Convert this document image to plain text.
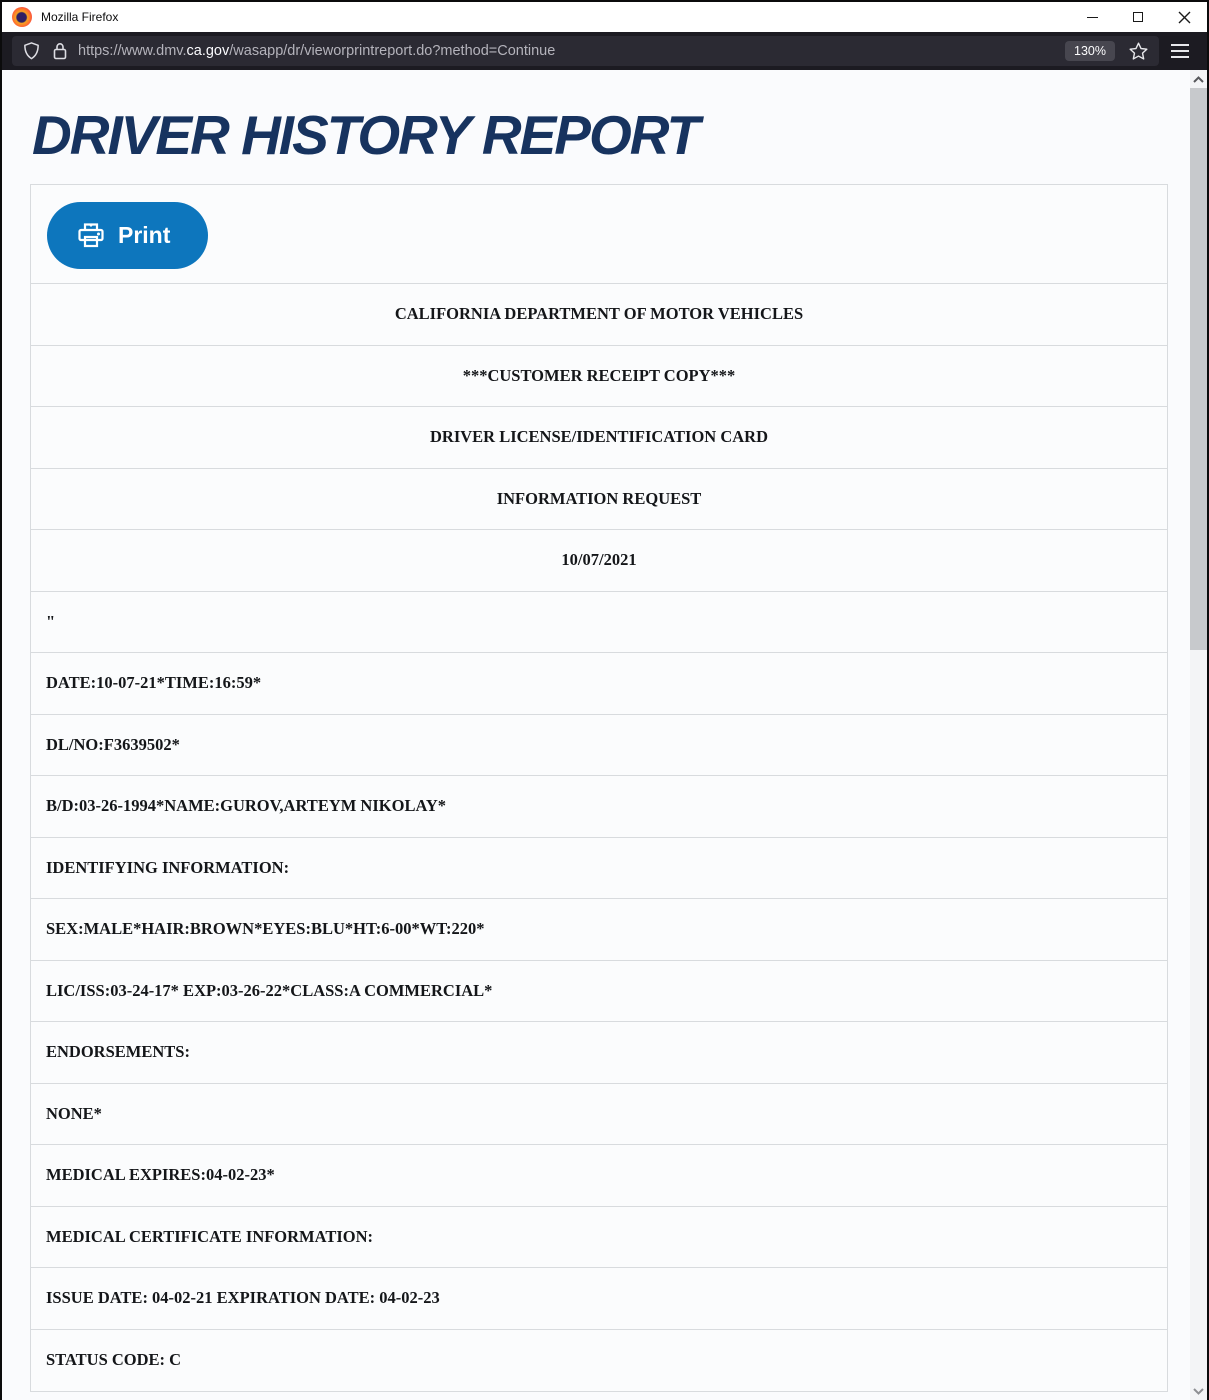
Mozilla Firefox
https://www.dmv.ca.gov/wasapp/dr/vieworprintreport.do?method=Continue	130%
DRIVER HISTORY REPORT
Print
CALIFORNIA DEPARTMENT OF MOTOR VEHICLES
***CUSTOMER RECEIPT COPY***
DRIVER LICENSE/IDENTIFICATION CARD
INFORMATION REQUEST
10/07/2021
"
DATE:10-07-21*TIME:16:59*
DL/NO:F3639502*
B/D:03-26-1994*NAME:GUROV,ARTEYM NIKOLAY*
IDENTIFYING INFORMATION:
SEX:MALE*HAIR:BROWN*EYES:BLU*HT:6-00*WT:220*
LIC/ISS:03-24-17* EXP:03-26-22*CLASS:A COMMERCIAL*
ENDORSEMENTS:
NONE*
MEDICAL EXPIRES:04-02-23*
MEDICAL CERTIFICATE INFORMATION:
ISSUE DATE: 04-02-21 EXPIRATION DATE: 04-02-23
STATUS CODE: C
